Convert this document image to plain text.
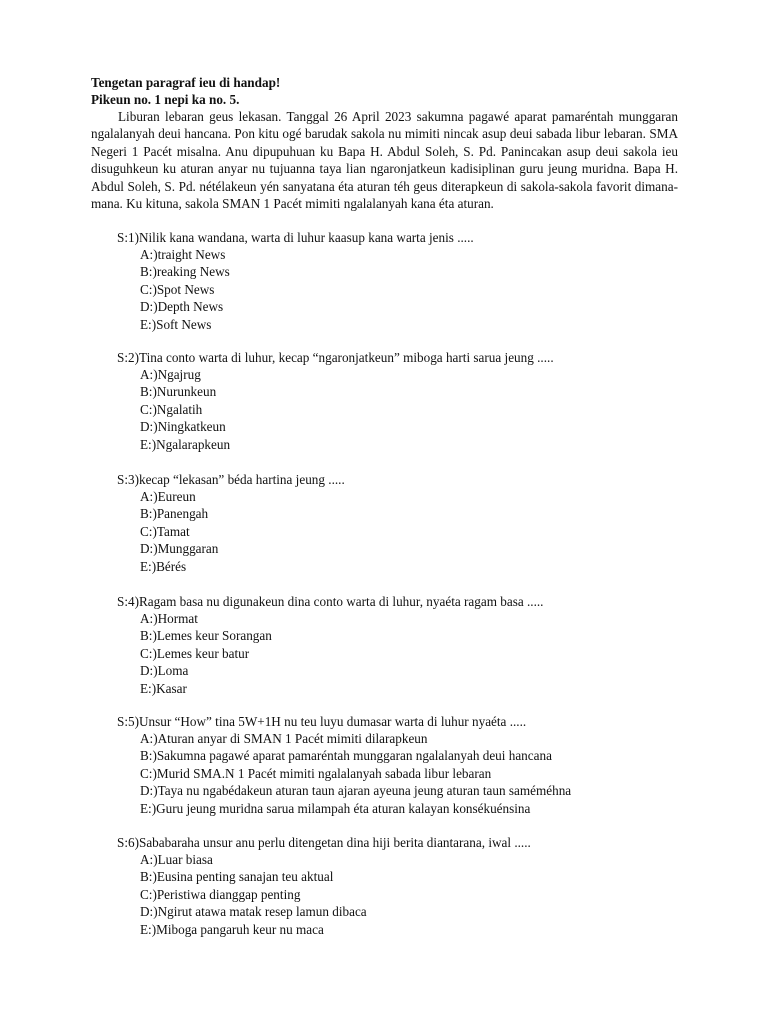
Tengetan paragraf ieu di handap!
Pikeun no. 1 nepi ka no. 5.

Liburan lebaran geus lekasan. Tanggal 26 April 2023 sakumna pagawé aparat pamaréntah munggaran ngalalanyah deui hancana. Pon kitu ogé barudak sakola nu mimiti nincak asup deui sabada libur lebaran. SMA Negeri 1 Pacét misalna. Anu dipupuhuan ku Bapa H. Abdul Soleh, S. Pd. Panincakan asup deui sakola ieu disuguhkeun ku aturan anyar nu tujuanna taya lian ngaronjatkeun kadisiplinan guru jeung muridna. Bapa H. Abdul Soleh, S. Pd. nétélakeun yén sanyatana éta aturan téh geus diterapkeun di sakola-sakola favorit dimana-mana. Ku kituna, sakola SMAN 1 Pacét mimiti ngalalanyah kana éta aturan.

S:1)Nilik kana wandana, warta di luhur kaasup kana warta jenis .....
A:)traight News
B:)reaking News
C:)Spot News
D:)Depth News
E:)Soft News
S:2)Tina conto warta di luhur, kecap “ngaronjatkeun” miboga harti sarua jeung .....
A:)Ngajrug
B:)Nurunkeun
C:)Ngalatih
D:)Ningkatkeun
E:)Ngalarapkeun
S:3)kecap “lekasan” béda hartina jeung .....
A:)Eureun
B:)Panengah
C:)Tamat
D:)Munggaran
E:)Bérés
S:4)Ragam basa nu digunakeun dina conto warta di luhur, nyaéta ragam basa .....
A:)Hormat
B:)Lemes keur Sorangan
C:)Lemes keur batur
D:)Loma
E:)Kasar
S:5)Unsur “How” tina 5W+1H nu teu luyu dumasar warta di luhur nyaéta .....
A:)Aturan anyar di SMAN 1 Pacét mimiti dilarapkeun
B:)Sakumna pagawé aparat pamaréntah munggaran ngalalanyah deui hancana
C:)Murid SMA.N 1 Pacét mimiti ngalalanyah sabada libur lebaran
D:)Taya nu ngabédakeun aturan taun ajaran ayeuna jeung aturan taun saméméhna
E:)Guru jeung muridna sarua milampah éta aturan kalayan konsékuénsina
S:6)Sababaraha unsur anu perlu ditengetan dina hiji berita diantarana, iwal .....
A:)Luar biasa
B:)Eusina penting sanajan teu aktual
C:)Peristiwa dianggap penting
D:)Ngirut atawa matak resep lamun dibaca
E:)Miboga pangaruh keur nu maca
